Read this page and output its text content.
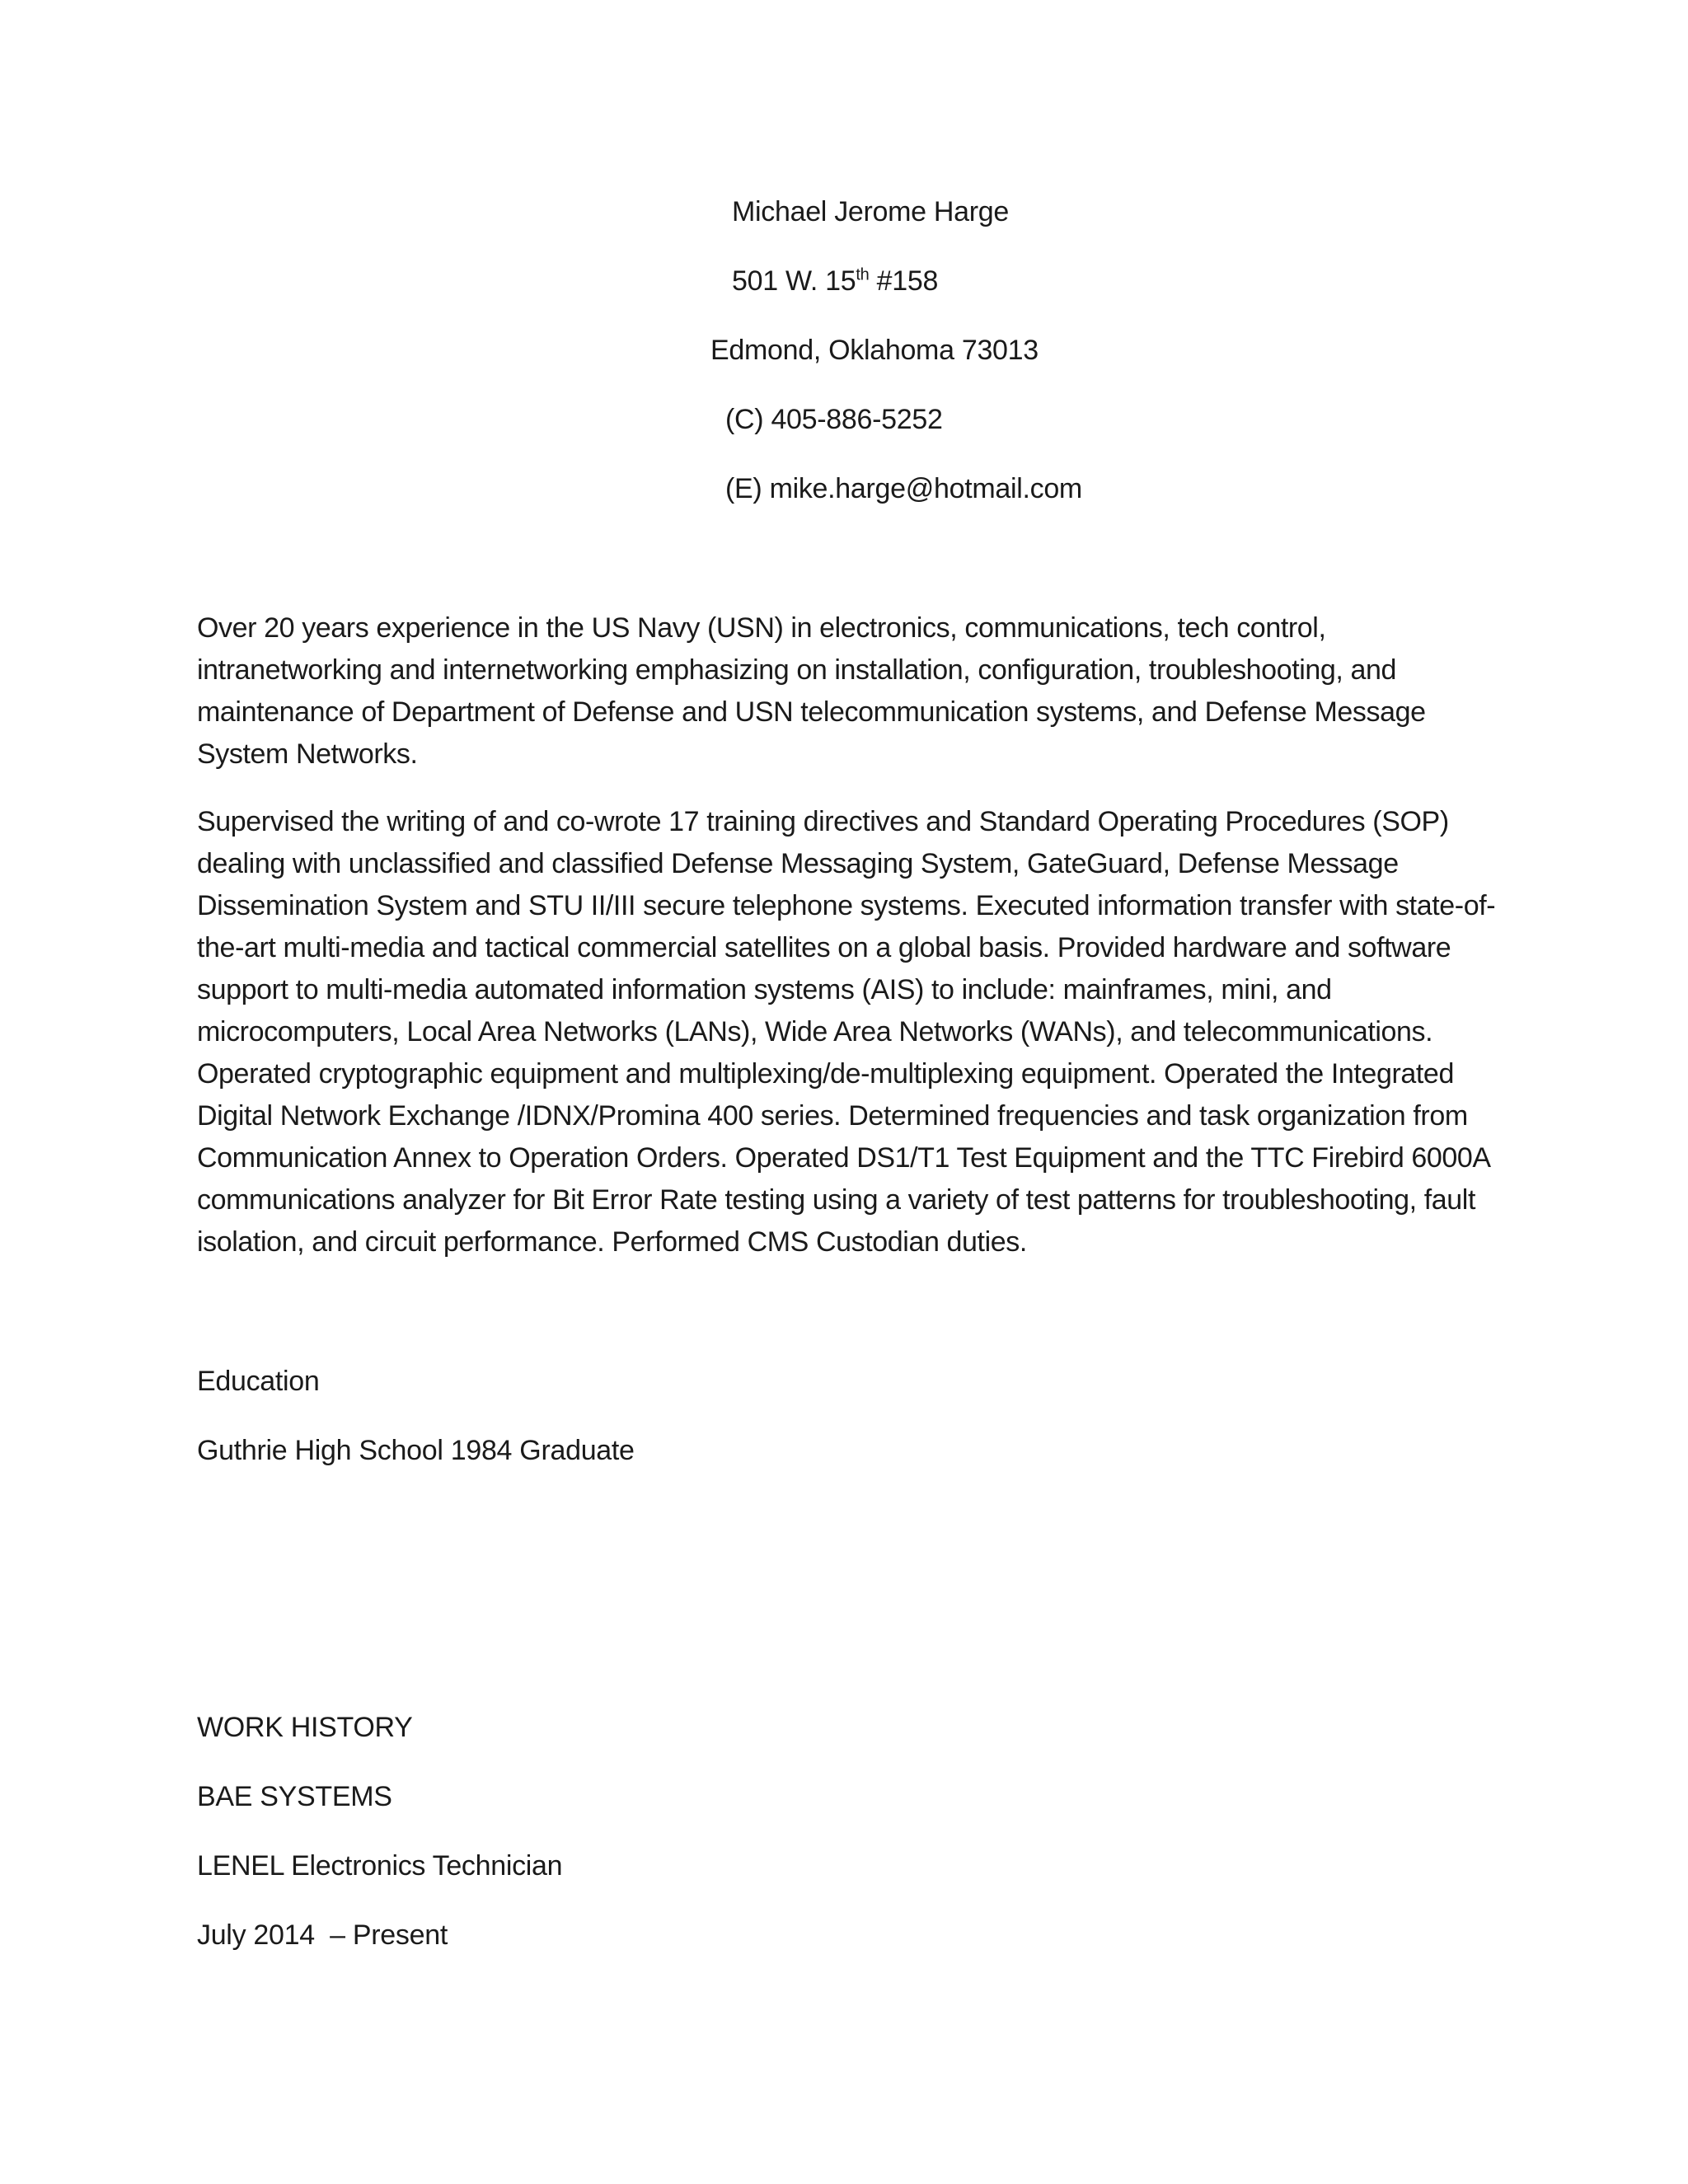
Michael Jerome Harge
501 W. 15th #158
Edmond, Oklahoma 73013
(C) 405-886-5252
(E) mike.harge@hotmail.com
Over 20 years experience in the US Navy (USN) in electronics, communications, tech control, intranetworking and internetworking emphasizing on installation, configuration, troubleshooting, and maintenance of Department of Defense and USN telecommunication systems, and Defense Message System Networks.
Supervised the writing of and co-wrote 17 training directives and Standard Operating Procedures (SOP) dealing with unclassified and classified Defense Messaging System, GateGuard, Defense Message Dissemination System and STU II/III secure telephone systems. Executed information transfer with state-of-the-art multi-media and tactical commercial satellites on a global basis. Provided hardware and software support to multi-media automated information systems (AIS) to include: mainframes, mini, and microcomputers, Local Area Networks (LANs), Wide Area Networks (WANs), and telecommunications. Operated cryptographic equipment and multiplexing/de-multiplexing equipment. Operated the Integrated Digital Network Exchange /IDNX/Promina 400 series. Determined frequencies and task organization from Communication Annex to Operation Orders. Operated DS1/T1 Test Equipment and the TTC Firebird 6000A communications analyzer for Bit Error Rate testing using a variety of test patterns for troubleshooting, fault isolation, and circuit performance. Performed CMS Custodian duties.
Education
Guthrie High School 1984 Graduate
WORK HISTORY
BAE SYSTEMS
LENEL Electronics Technician
July 2014  – Present
